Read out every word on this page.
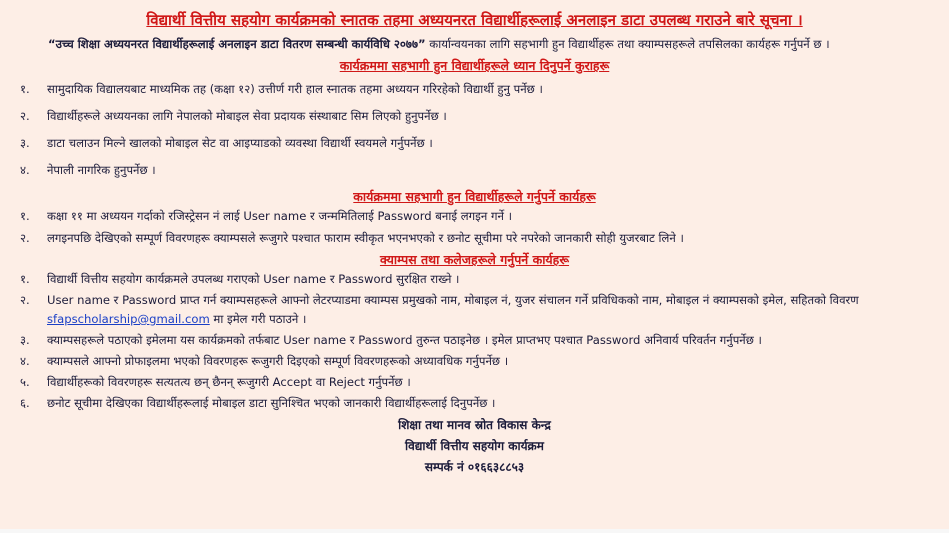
विद्यार्थी वित्तीय सहयोग कार्यक्रमको स्नातक तहमा अध्ययनरत विद्यार्थीहरूलाई अनलाइन डाटा उपलब्ध गराउने बारे सूचना ।
“उच्च शिक्षा अध्ययनरत विद्यार्थीहरूलाई अनलाइन डाटा वितरण सम्बन्धी कार्यविधि २०७७” कार्यान्वयनका लागि सहभागी हुन विद्यार्थीहरू तथा क्याम्पसहरूले तपसिलका कार्यहरू गर्नुपर्ने छ ।
कार्यक्रममा सहभागी हुन विद्यार्थीहरूले ध्यान दिनुपर्ने कुराहरू
१. सामुदायिक विद्यालयबाट माध्यमिक तह (कक्षा १२) उत्तीर्ण गरी हाल स्नातक तहमा अध्ययन गरिरहेको विद्यार्थी हुनु पर्नेछ ।
२. विद्यार्थीहरूले अध्ययनका लागि नेपालको मोबाइल सेवा प्रदायक संस्थाबाट सिम लिएको हुनुपर्नेछ ।
३. डाटा चलाउन मिल्ने खालको मोबाइल सेट वा आइप्याडको व्यवस्था विद्यार्थी स्वयमले गर्नुपर्नेछ ।
४. नेपाली नागरिक हुनुपर्नेछ ।
कार्यक्रममा सहभागी हुन विद्यार्थीहरूले गर्नुपर्ने कार्यहरू
१. कक्षा ११ मा अध्ययन गर्दाको रजिस्ट्रेसन नं लाई User name र जन्ममितिलाई Password बनाई लगइन गर्ने ।
२. लगइनपछि देखिएको सम्पूर्ण विवरणहरू क्याम्पसले रूजुगरे पश्चात फाराम स्वीकृत भएनभएको र छनोट सूचीमा परे नपरेको जानकारी सोही युजरबाट लिने ।
क्याम्पस तथा कलेजहरूले गर्नुपर्ने कार्यहरू
१. विद्यार्थी वित्तीय सहयोग कार्यक्रमले उपलब्ध गराएको User name र Password सुरक्षित राख्ने ।
२. User name र Password प्राप्त गर्न क्याम्पसहरूले आफ्नो लेटरप्याडमा क्याम्पस प्रमुखको नाम, मोबाइल नं, युजर संचालन गर्ने प्रविधिकको नाम, मोबाइल नं क्याम्पसको इमेल, सहितको विवरण sfapscholarship@gmail.com मा इमेल गरी पठाउने ।
३. क्याम्पसहरूले पठाएको इमेलमा यस कार्यक्रमको तर्फबाट User name र Password तुरुन्त पठाइनेछ । इमेल प्राप्तभए पश्चात Password अनिवार्य परिवर्तन गर्नुपर्नेछ ।
४. क्याम्पसले आफ्नो प्रोफाइलमा भएको विवरणहरू रूजुगरी दिइएको सम्पूर्ण विवरणहरूको अध्यावधिक गर्नुपर्नेछ ।
५. विद्यार्थीहरूको विवरणहरू सत्यतत्य छन् छैनन् रूजुगरी Accept वा Reject गर्नुपर्नेछ ।
६. छनोट सूचीमा देखिएका विद्यार्थीहरूलाई मोबाइल डाटा सुनिश्चित भएको जानकारी विद्यार्थीहरूलाई दिनुपर्नेछ ।
शिक्षा तथा मानव स्रोत विकास केन्द्र
विद्यार्थी वित्तीय सहयोग कार्यक्रम
सम्पर्क नं ०१६६३८८५३
